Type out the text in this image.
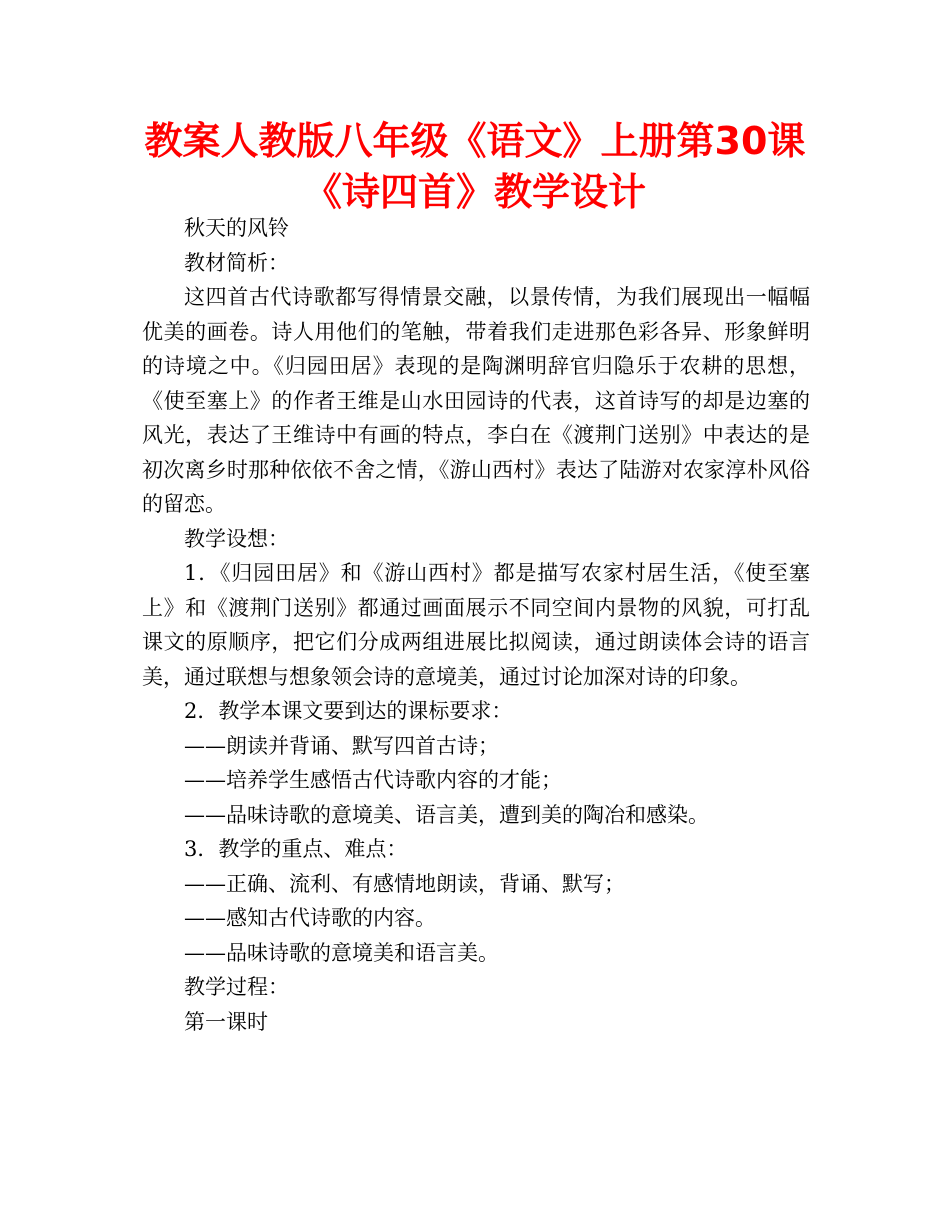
教案人教版八年级《语文》上册第30课
《诗四首》教学设计

秋天的风铃

教材简析：

这四首古代诗歌都写得情景交融，以景传情，为我们展现出一幅幅优美的画卷。诗人用他们的笔触，带着我们走进那色彩各异、形象鲜明的诗境之中。《归园田居》表现的是陶渊明辞官归隐乐于农耕的思想，《使至塞上》的作者王维是山水田园诗的代表，这首诗写的却是边塞的风光，表达了王维诗中有画的特点，李白在《渡荆门送别》中表达的是初次离乡时那种依依不舍之情，《游山西村》表达了陆游对农家淳朴风俗的留恋。

教学设想：

1．《归园田居》和《游山西村》都是描写农家村居生活，《使至塞上》和《渡荆门送别》都通过画面展示不同空间内景物的风貌，可打乱课文的原顺序，把它们分成两组进展比拟阅读，通过朗读体会诗的语言美，通过联想与想象领会诗的意境美，通过讨论加深对诗的印象。

2．教学本课文要到达的课标要求：

——朗读并背诵、默写四首古诗；

——培养学生感悟古代诗歌内容的才能；

——品味诗歌的意境美、语言美，遭到美的陶冶和感染。

3．教学的重点、难点：

——正确、流利、有感情地朗读，背诵、默写；

——感知古代诗歌的内容。

——品味诗歌的意境美和语言美。

教学过程：

第一课时
